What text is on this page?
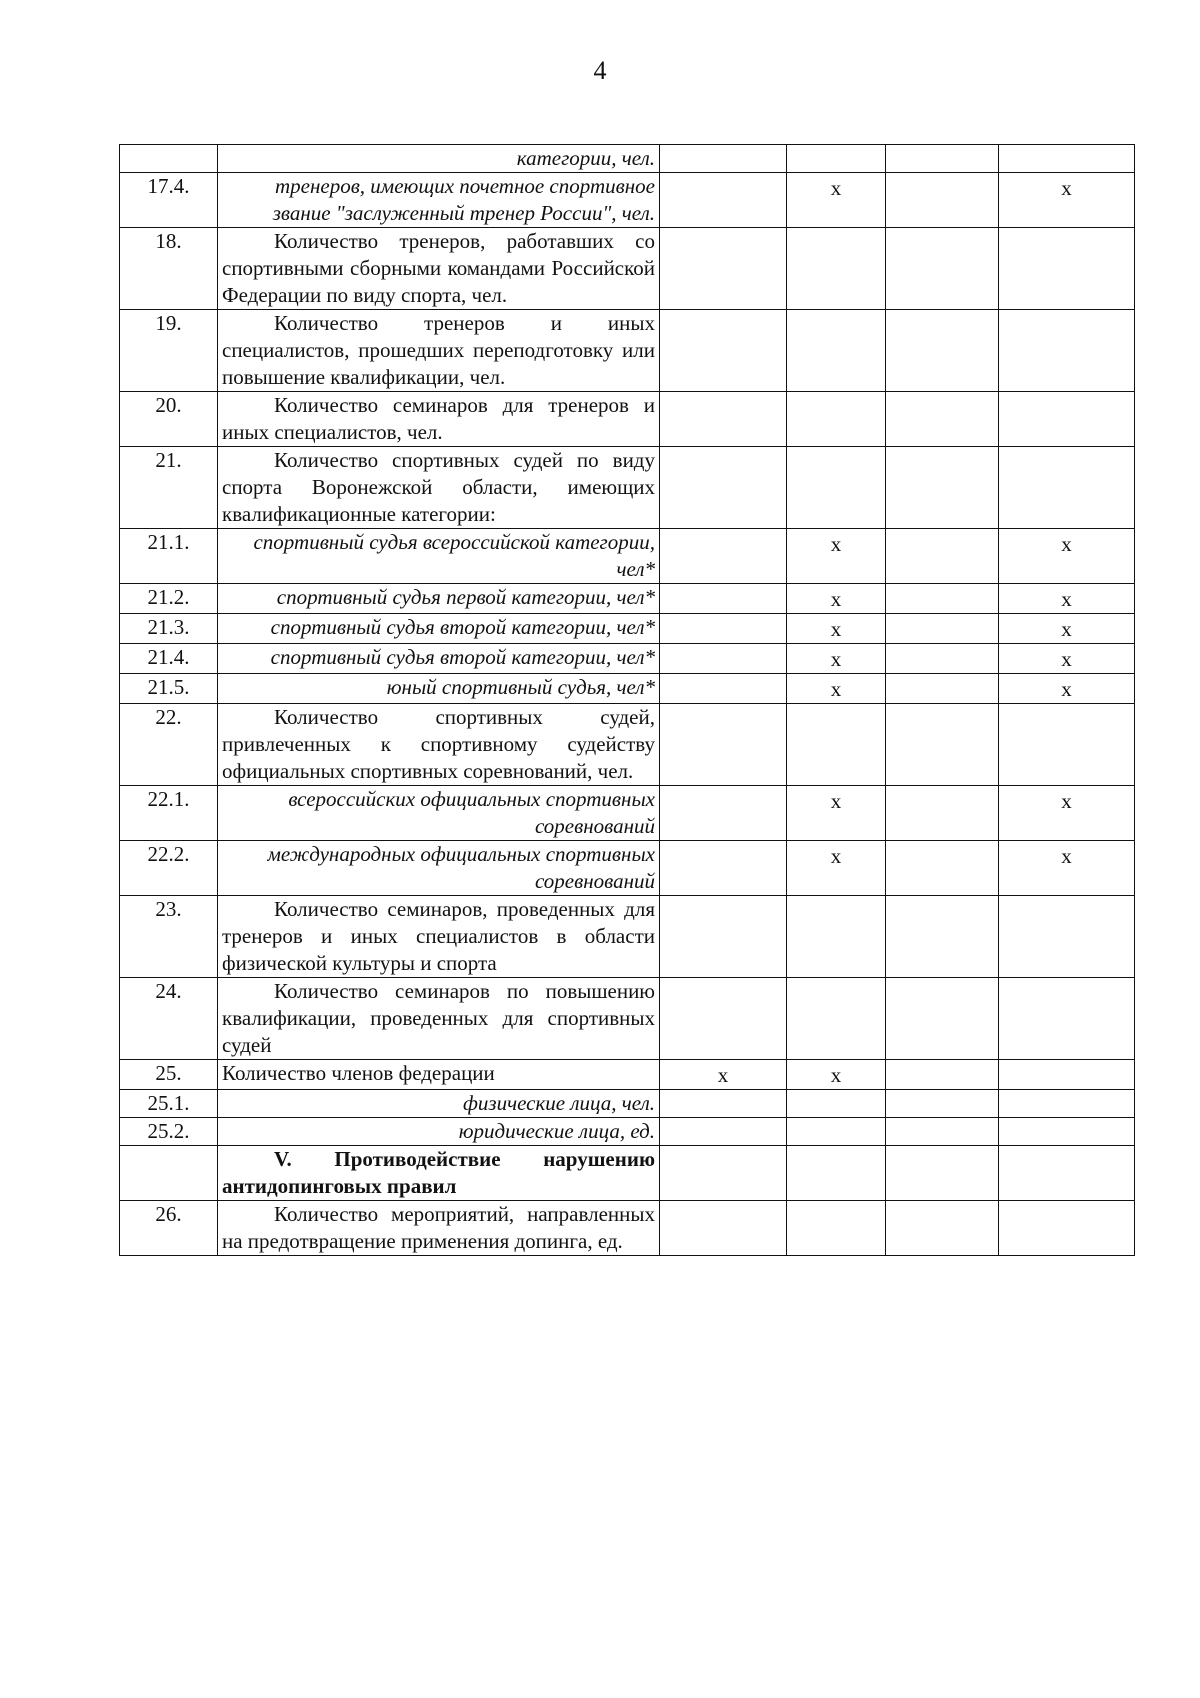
4
	категории, чел.				
17.4.	тренеров, имеющих почетное спортивное звание "заслуженный тренер России", чел.		x		x
18.	Количество тренеров, работавших со спортивными сборными командами Российской Федерации по виду спорта, чел.				

19.	Количество тренеров и иных специалистов, прошедших переподготовку или повышение квалификации, чел.				

20.	Количество семинаров для тренеров и иных специалистов, чел.				

21.	Количество спортивных судей по виду спорта Воронежской области, имеющих квалификационные категории:				

21.1.	спортивный судья всероссийской категории, чел*		x		x
21.2.	спортивный судья первой категории, чел*		x		x
21.3.	спортивный судья второй категории, чел*		x		x
21.4.	спортивный судья второй категории, чел*		x		x
21.5.	юный спортивный судья, чел*		x		x
22.	Количество спортивных судей, привлеченных к спортивному судейству официальных спортивных соревнований, чел.				

22.1.	всероссийских официальных спортивных соревнований		x		x
22.2.	международных официальных спортивных соревнований		x		x
23.	Количество семинаров, проведенных для тренеров и иных специалистов в области физической культуры и спорта				

24.	Количество семинаров по повышению квалификации, проведенных для спортивных судей				

25.	Количество членов федерации	x	x		
25.1.	физические лица, чел.				
25.2.	юридические лица, ед.				

	V. Противодействие нарушению антидопинговых правил				

26.	Количество мероприятий, направленных на предотвращение применения допинга, ед.				
